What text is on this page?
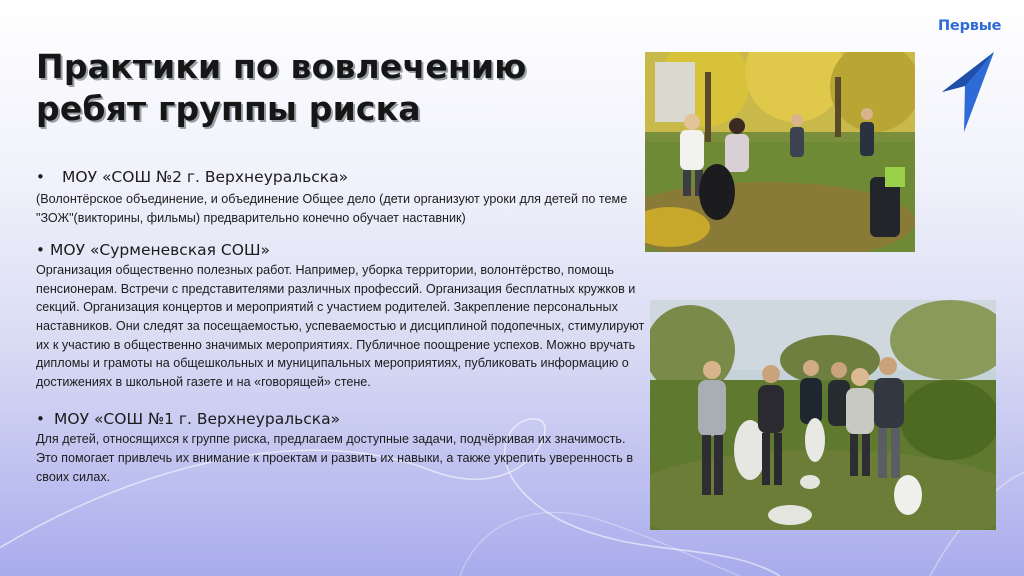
Первые
Практики по вовлечению
ребят группы риска

•	МОУ «СОШ №2 г. Верхнеуральска»

(Волонтёрское объединение, и объединение Общее дело (дети организуют уроки для детей по теме "ЗОЖ"(викторины, фильмы) предварительно конечно обучает наставник)

• МОУ «Сурменевская СОШ»

Организация общественно полезных работ. Например, уборка территории, волонтёрство, помощь пенсионерам. Встречи с представителями различных профессий. Организация бесплатных кружков и секций. Организация концертов и мероприятий с участием родителей. Закрепление персональных наставников. Они следят за посещаемостью, успеваемостью и дисциплиной подопечных, стимулируют их к участию в общественно значимых мероприятиях. Публичное поощрение успехов. Можно вручать дипломы и грамоты на общешкольных и муниципальных мероприятиях, публиковать информацию о достижениях в школьной газете и на «говорящей» стене.

• МОУ «СОШ №1 г. Верхнеуральска»

Для детей, относящихся к группе риска, предлагаем доступные задачи, подчёркивая их значимость. Это помогает привлечь их внимание к проектам и развить их навыки, а также укрепить уверенность в своих силах.
